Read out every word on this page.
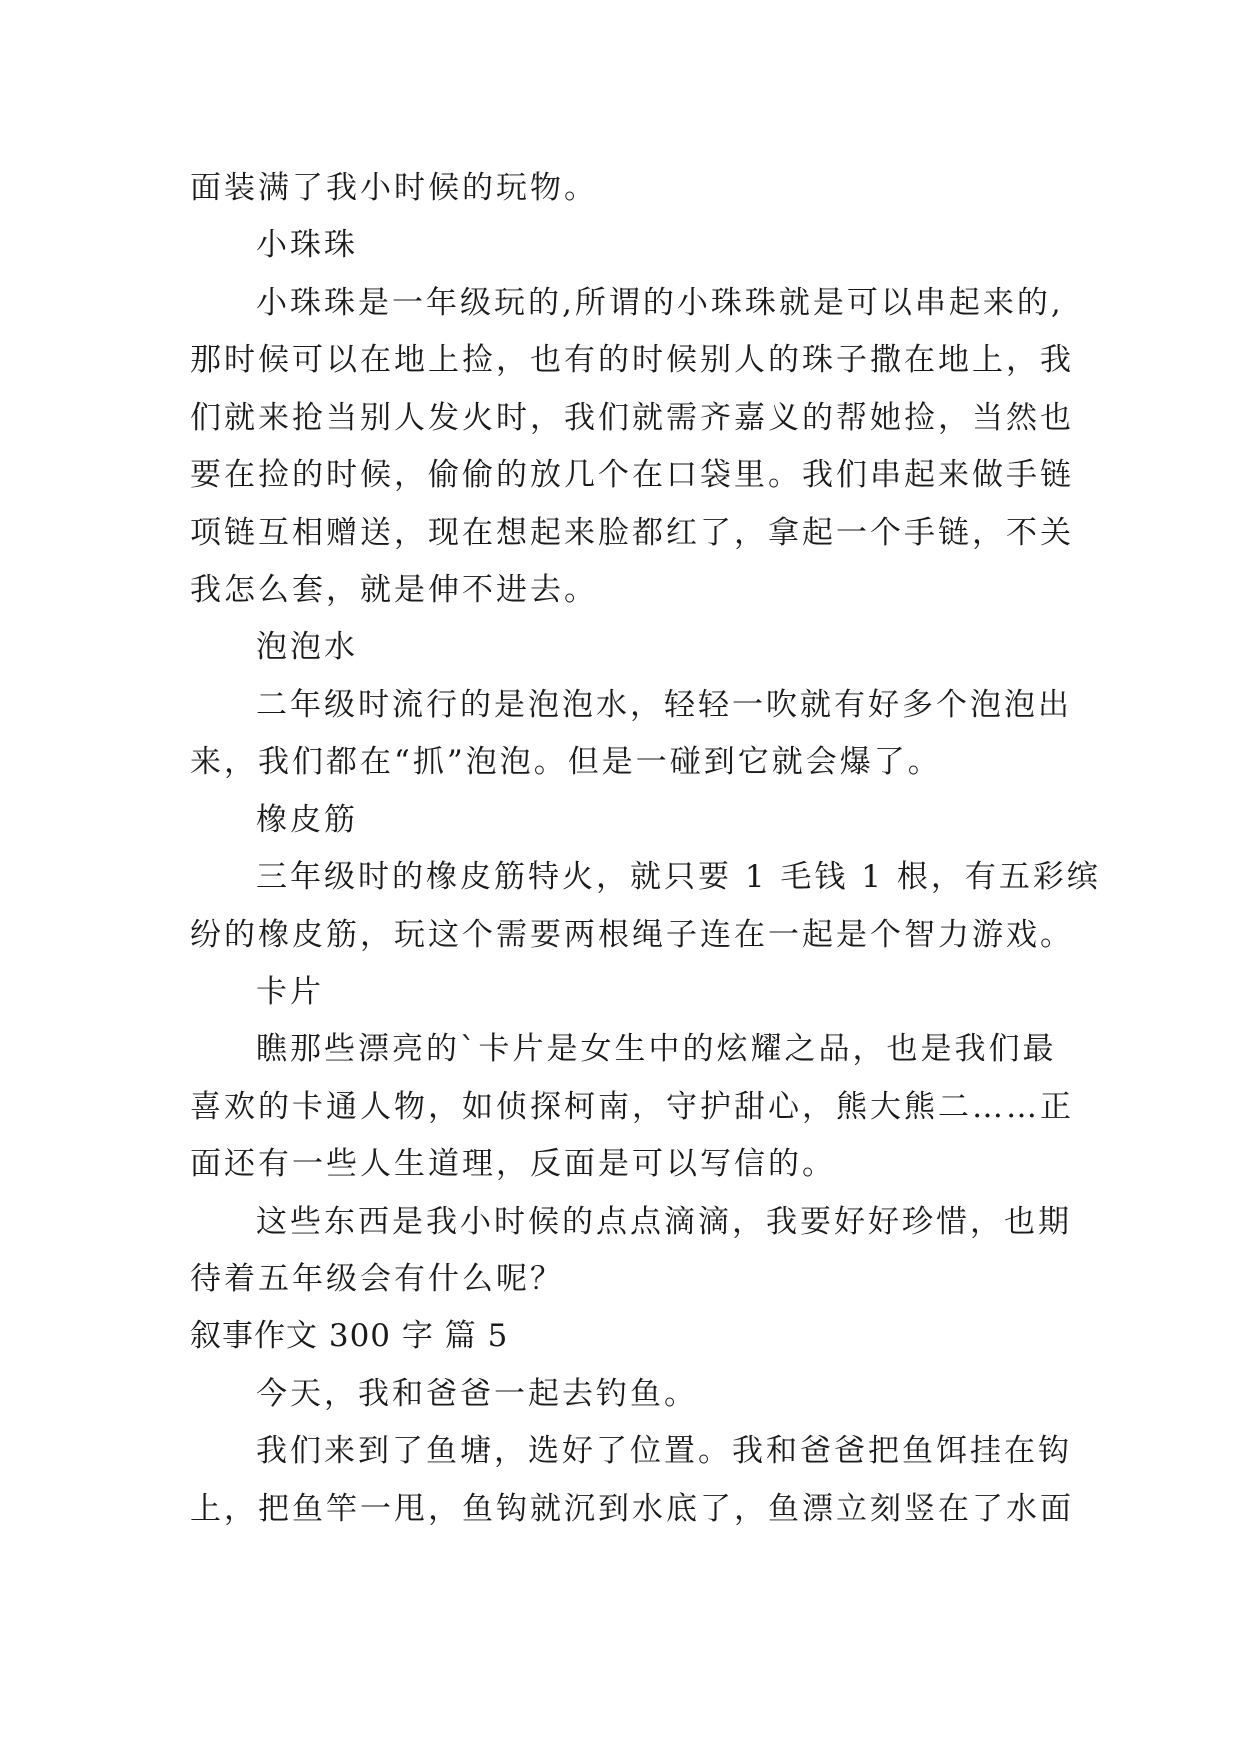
面装满了我小时候的玩物。
小珠珠
小珠珠是一年级玩的,所谓的小珠珠就是可以串起来的,
那时候可以在地上捡，也有的时候别人的珠子撒在地上，我
们就来抢当别人发火时，我们就需齐嘉义的帮她捡，当然也
要在捡的时候，偷偷的放几个在口袋里。我们串起来做手链
项链互相赠送，现在想起来脸都红了，拿起一个手链，不关
我怎么套，就是伸不进去。
泡泡水
二年级时流行的是泡泡水，轻轻一吹就有好多个泡泡出
来，我们都在“抓”泡泡。但是一碰到它就会爆了。
橡皮筋
三年级时的橡皮筋特火，就只要 1 毛钱 1 根，有五彩缤
纷的橡皮筋，玩这个需要两根绳子连在一起是个智力游戏。
卡片
瞧那些漂亮的`卡片是女生中的炫耀之品，也是我们最
喜欢的卡通人物，如侦探柯南，守护甜心，熊大熊二……正
面还有一些人生道理，反面是可以写信的。
这些东西是我小时候的点点滴滴，我要好好珍惜，也期
待着五年级会有什么呢？
叙事作文 300 字 篇 5
今天，我和爸爸一起去钓鱼。
我们来到了鱼塘，选好了位置。我和爸爸把鱼饵挂在钩
上，把鱼竿一甩，鱼钩就沉到水底了，鱼漂立刻竖在了水面
